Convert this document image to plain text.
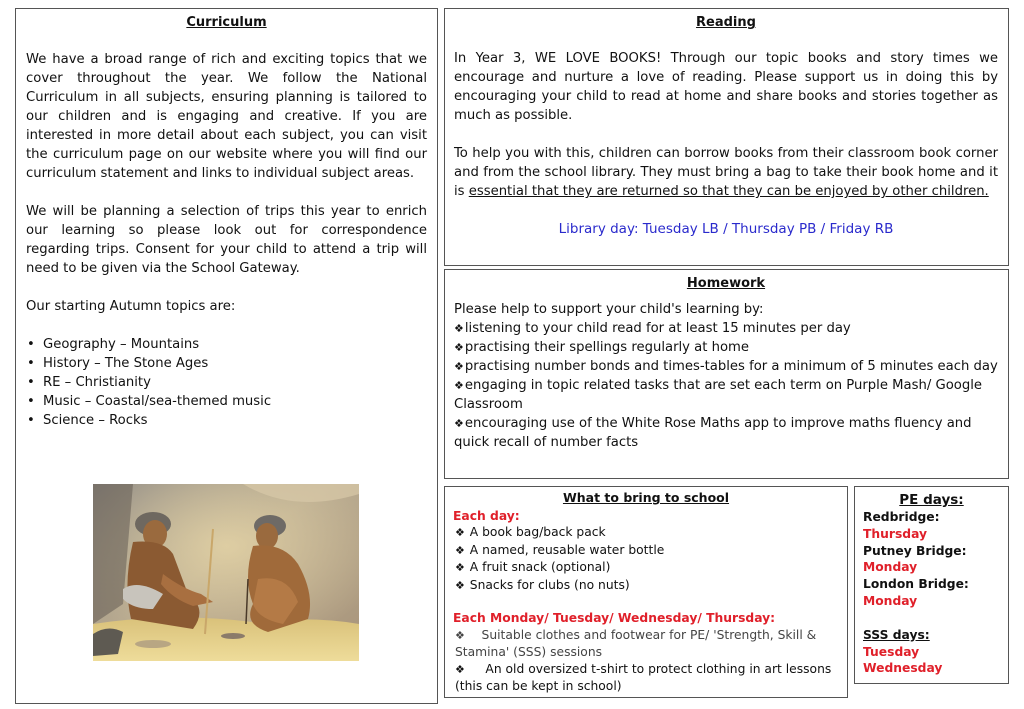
Curriculum

We have a broad range of rich and exciting topics that we cover throughout the year. We follow the National Curriculum in all subjects, ensuring planning is tailored to our children and is engaging and creative. If you are interested in more detail about each subject, you can visit the curriculum page on our website where you will find our curriculum statement and links to individual subject areas.

We will be planning a selection of trips this year to enrich our learning so please look out for correspondence regarding trips. Consent for your child to attend a trip will need to be given via the School Gateway.

Our starting Autumn topics are:

• Geography – Mountains
• History – The Stone Ages
• RE – Christianity
• Music – Coastal/sea-themed music
• Science – Rocks

Reading

In Year 3, WE LOVE BOOKS! Through our topic books and story times we encourage and nurture a love of reading. Please support us in doing this by encouraging your child to read at home and share books and stories together as much as possible.

To help you with this, children can borrow books from their classroom book corner and from the school library. They must bring a bag to take their book home and it is essential that they are returned so that they can be enjoyed by other children.

Library day: Tuesday LB / Thursday PB / Friday RB

Homework

Please help to support your child's learning by:

❖listening to your child read for at least 15 minutes per day

❖practising their spellings regularly at home

❖practising number bonds and times-tables for a minimum of 5 minutes each day

❖engaging in topic related tasks that are set each term on Purple Mash/ Google Classroom

❖encouraging use of the White Rose Maths app to improve maths fluency and quick recall of number facts

What to bring to school

Each day:

❖ A book bag/back pack

❖ A named, reusable water bottle

❖ A fruit snack (optional)

❖ Snacks for clubs (no nuts)

Each Monday/ Tuesday/ Wednesday/ Thursday:

❖ Suitable clothes and footwear for PE/ 'Strength, Skill & Stamina' (SSS) sessions

❖ An old oversized t-shirt to protect clothing in art lessons (this can be kept in school)

PE days:

Redbridge:

Thursday

Putney Bridge:

Monday

London Bridge:

Monday

SSS days:

Tuesday

Wednesday
